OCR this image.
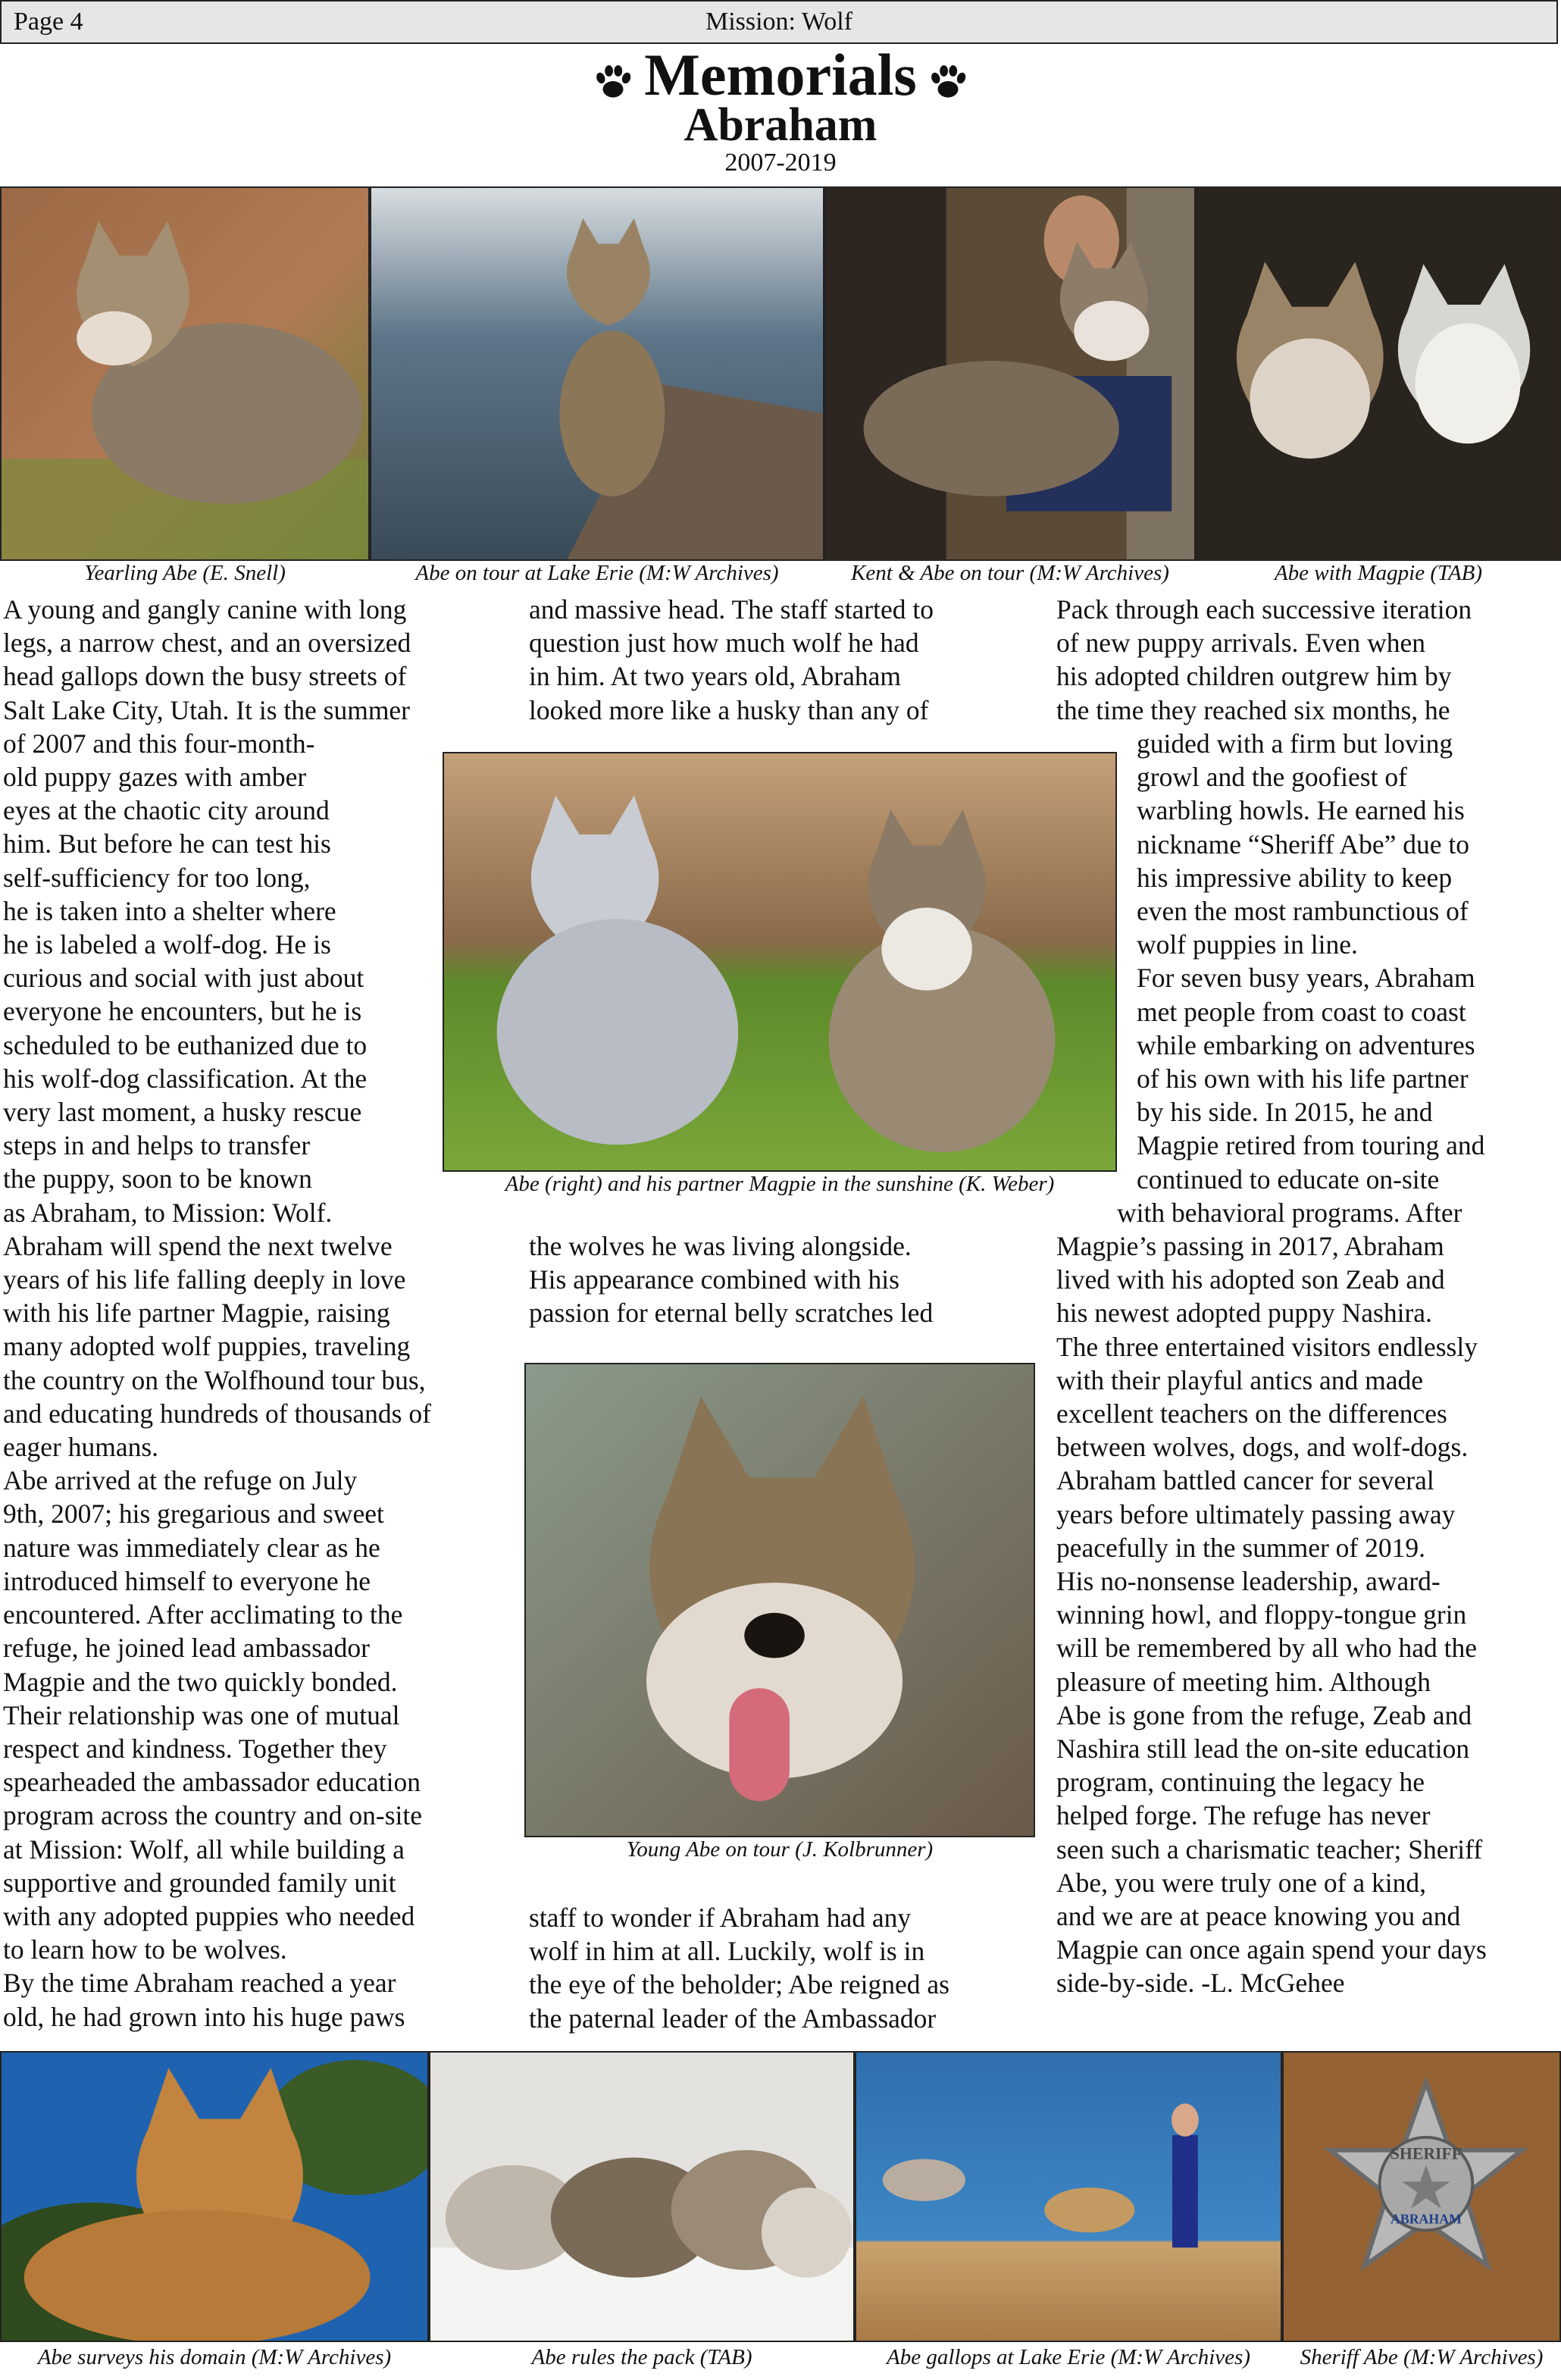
Page 4	Mission: Wolf
Memorials
Abraham
2007-2019
Yearling Abe (E. Snell)	Abe on tour at Lake Erie (M:W Archives)	Kent & Abe on tour (M:W Archives)	Abe with Magpie (TAB)

A young and gangly canine with long

legs, a narrow chest, and an oversized

head gallops down the busy streets of

Salt Lake City, Utah. It is the summer

of 2007 and this four-month-

old puppy gazes with amber

eyes at the chaotic city around

him. But before he can test his

self-sufficiency for too long,

he is taken into a shelter where

he is labeled a wolf-dog. He is

curious and social with just about

everyone he encounters, but he is

scheduled to be euthanized due to

his wolf-dog classification. At the

very last moment, a husky rescue

steps in and helps to transfer

the puppy, soon to be known

as Abraham, to Mission: Wolf.

Abraham will spend the next twelve

years of his life falling deeply in love

with his life partner Magpie, raising

many adopted wolf puppies, traveling

the country on the Wolfhound tour bus,

and educating hundreds of thousands of

eager humans.

Abe arrived at the refuge on July

9th, 2007; his gregarious and sweet

nature was immediately clear as he

introduced himself to everyone he

encountered. After acclimating to the

refuge, he joined lead ambassador

Magpie and the two quickly bonded.

Their relationship was one of mutual

respect and kindness. Together they

spearheaded the ambassador education

program across the country and on-site

at Mission: Wolf, all while building a

supportive and grounded family unit

with any adopted puppies who needed

to learn how to be wolves.

By the time Abraham reached a year

old, he had grown into his huge paws

and massive head. The staff started to

question just how much wolf he had

in him. At two years old, Abraham

looked more like a husky than any of

the wolves he was living alongside.

His appearance combined with his

passion for eternal belly scratches led

staff to wonder if Abraham had any

wolf in him at all. Luckily, wolf is in

the eye of the beholder; Abe reigned as

the paternal leader of the Ambassador

Pack through each successive iteration

of new puppy arrivals. Even when

his adopted children outgrew him by

the time they reached six months, he

guided with a firm but loving

growl and the goofiest of

warbling howls. He earned his

nickname “Sheriff Abe” due to

his impressive ability to keep

even the most rambunctious of

wolf puppies in line.

For seven busy years, Abraham

met people from coast to coast

while embarking on adventures

of his own with his life partner

by his side. In 2015, he and

Magpie retired from touring and

continued to educate on-site

with behavioral programs. After

Magpie’s passing in 2017, Abraham

lived with his adopted son Zeab and

his newest adopted puppy Nashira.

The three entertained visitors endlessly

with their playful antics and made

excellent teachers on the differences

between wolves, dogs, and wolf-dogs.

Abraham battled cancer for several

years before ultimately passing away

peacefully in the summer of 2019.

His no-nonsense leadership, award-

winning howl, and floppy-tongue grin

will be remembered by all who had the

pleasure of meeting him. Although

Abe is gone from the refuge, Zeab and

Nashira still lead the on-site education

program, continuing the legacy he

helped forge. The refuge has never

seen such a charismatic teacher; Sheriff

Abe, you were truly one of a kind,

and we are at peace knowing you and

Magpie can once again spend your days

side-by-side. -L. McGehee

Abe (right) and his partner Magpie in the sunshine (K. Weber)
Young Abe on tour (J. Kolbrunner)
SHERIFF
ABRAHAM
Abe surveys his domain (M:W Archives)	Abe rules the pack (TAB)	Abe gallops at Lake Erie (M:W Archives)	Sheriff Abe (M:W Archives)
